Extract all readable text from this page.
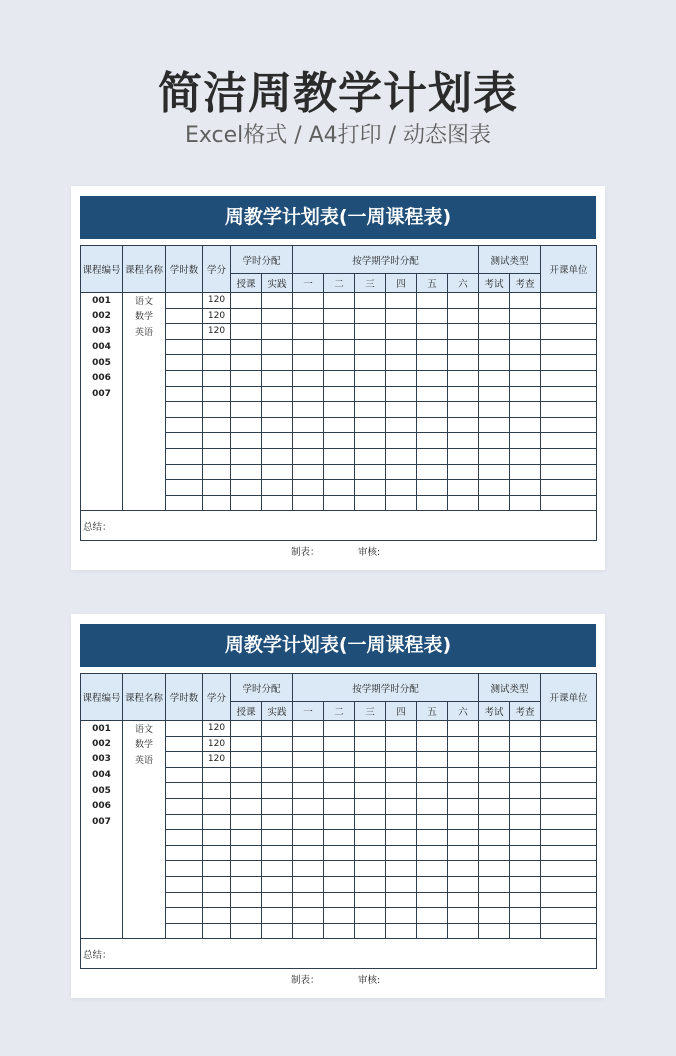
简洁周教学计划表
Excel格式 / A4打印 / 动态图表
周教学计划表(一周课程表)
课程编号	课程名称	学时数	学分	学时分配		按学期学时分配						测试类型		开课单位
				授课	实践	一	二	三	四	五	六	考试	考查	
001	语文		120											
002	数学		120											
003	英语		120											
004														
005														
006														
007														

总结：														
制表：	审核:
周教学计划表(一周课程表)
课程编号	课程名称	学时数	学分	学时分配		按学期学时分配						测试类型		开课单位
				授课	实践	一	二	三	四	五	六	考试	考查	
001	语文		120											
002	数学		120											
003	英语		120											
004														
005														
006														
007														

总结：														
制表：	审核:
